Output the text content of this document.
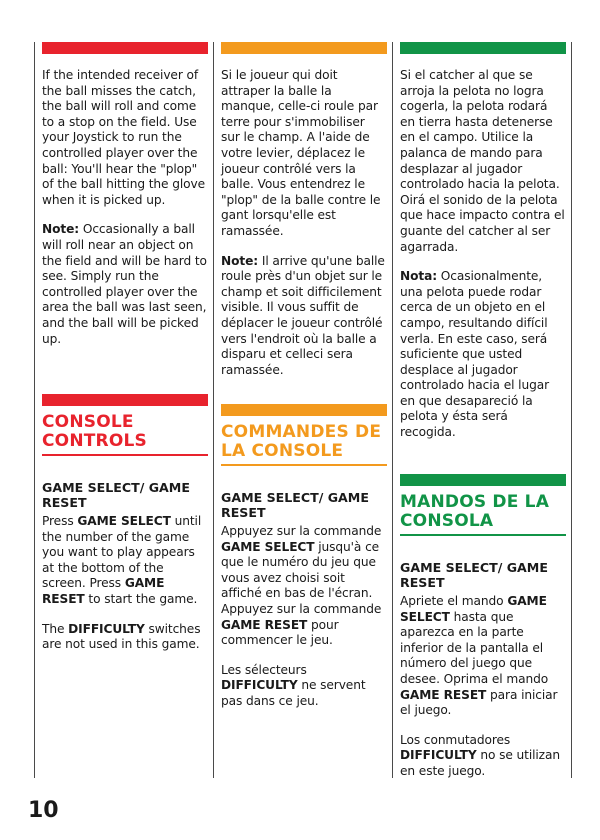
If the intended receiver of the ball misses the catch, the ball will roll and come to a stop on the field. Use your Joystick to run the controlled player over the ball: You'll hear the "plop" of the ball hitting the glove when it is picked up.

Note: Occasionally a ball will roll near an object on the field and will be hard to see. Simply run the controlled player over the area the ball was last seen, and the ball will be picked up.

CONSOLE CONTROLS

GAME SELECT/ GAME RESET

Press GAME SELECT until the number of the game you want to play appears at the bottom of the screen. Press GAME RESET to start the game.

The DIFFICULTY switches are not used in this game.

Si le joueur qui doit attraper la balle la manque, celle-ci roule par terre pour s'immobiliser sur le champ. A l'aide de votre levier, déplacez le joueur contrôlé vers la balle. Vous entendrez le "plop" de la balle contre le gant lorsqu'elle est ramassée.

Note: Il arrive qu'une balle roule près d'un objet sur le champ et soit difficilement visible. Il vous suffit de déplacer le joueur contrôlé vers l'endroit où la balle a disparu et celleci sera ramassée.

COMMANDES DE LA CONSOLE

GAME SELECT/ GAME RESET

Appuyez sur la commande GAME SELECT jusqu'à ce que le numéro du jeu que vous avez choisi soit affiché en bas de l'écran. Appuyez sur la commande GAME RESET pour commencer le jeu.

Les sélecteurs DIFFICULTY ne servent pas dans ce jeu.

Si el catcher al que se arroja la pelota no logra cogerla, la pelota rodará en tierra hasta detenerse en el campo. Utilice la palanca de mando para desplazar al jugador controlado hacia la pelota. Oirá el sonido de la pelota que hace impacto contra el guante del catcher al ser agarrada.

Nota: Ocasionalmente, una pelota puede rodar cerca de un objeto en el campo, resultando difícil verla. En este caso, será suficiente que usted desplace al jugador controlado hacia el lugar en que desapareció la pelota y ésta será recogida.

MANDOS DE LA CONSOLA

GAME SELECT/ GAME RESET

Apriete el mando GAME SELECT hasta que aparezca en la parte inferior de la pantalla el número del juego que desee. Oprima el mando GAME RESET para iniciar el juego.

Los conmutadores DIFFICULTY no se utilizan en este juego.

10
